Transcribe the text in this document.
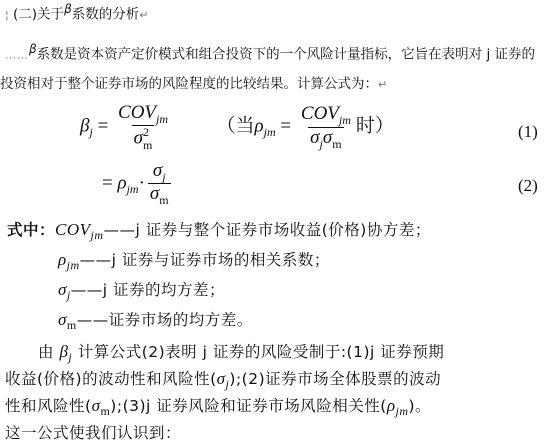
¦ (二)关于$^\beta$系数的分析↵
……$^\beta$系数是资本资产定价模式和组合投资下的一个风险计量指标，它旨在表明对 j 证券的
投资相对于整个证券市场的风险程度的比较结果。计算公式为：↵
$\beta_j = \frac{COV_{jm}}{\sigma^2_m}$ （当$\rho_{jm} = \frac{COV_{jm}}{\sigma_j\sigma_m}$ 时）	(1)
= $\rho_{jm}\cdot \frac{\sigma_j}{\sigma_m}$	(2)
式中：$COV_{jm}——j$ 证券与整个证券市场收益(价格)协方差；
$\rho_{jm}——j$ 证券与证券市场的相关系数；
$\sigma_j——j$ 证券的均方差；
$\sigma_m——$证券市场的均方差。
由 $\beta_j$ 计算公式(2)表明 j 证券的风险受制于:(1)j 证券预期
收益(价格)的波动性和风险性$(\sigma_j);(2)$证券市场全体股票的波动
性和风险性$(\sigma_m);(3)j$ 证券风险和证券市场风险相关性$(\rho_{jm})$。
这一公式使我们认识到：
